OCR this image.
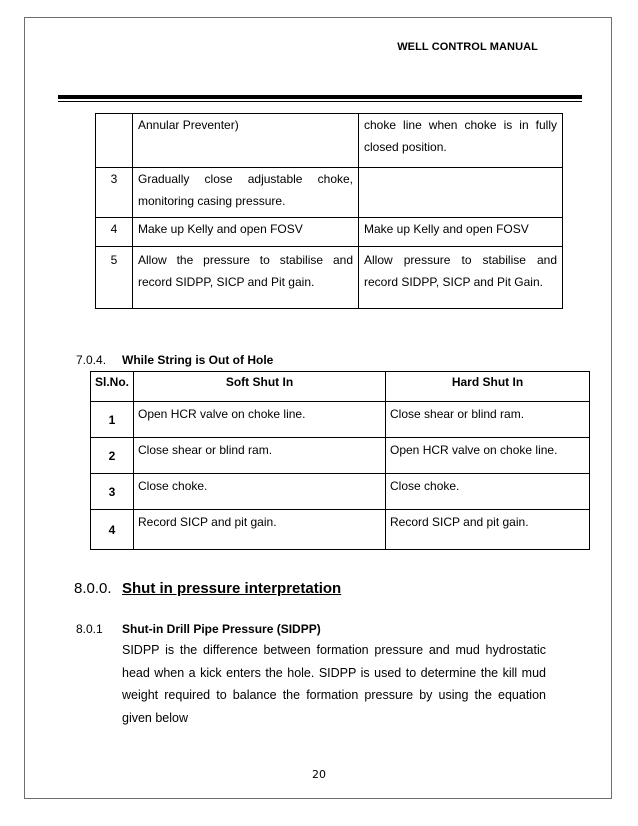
WELL CONTROL MANUAL
	Annular Preventer)	choke line when choke is in fully closed position.
3	Gradually close adjustable choke, monitoring casing pressure.	
4	Make up Kelly and open FOSV	Make up Kelly and open FOSV
5	Allow the pressure to stabilise and record SIDPP, SICP and Pit gain.	Allow pressure to stabilise and record SIDPP, SICP and Pit Gain.
7.0.4. While String is Out of Hole
Sl.No.	Soft Shut In	Hard Shut In
1	Open HCR valve on choke line.	Close shear or blind ram.
2	Close shear or blind ram.	Open HCR valve on choke line.
3	Close choke.	Close choke.
4	Record SICP and pit gain.	Record SICP and pit gain.
8.0.0. Shut in pressure interpretation
8.0.1 Shut-in Drill Pipe Pressure (SIDPP)
SIDPP is the difference between formation pressure and mud hydrostatic head when a kick enters the hole. SIDPP is used to determine the kill mud weight required to balance the formation pressure by using the equation given below
20
